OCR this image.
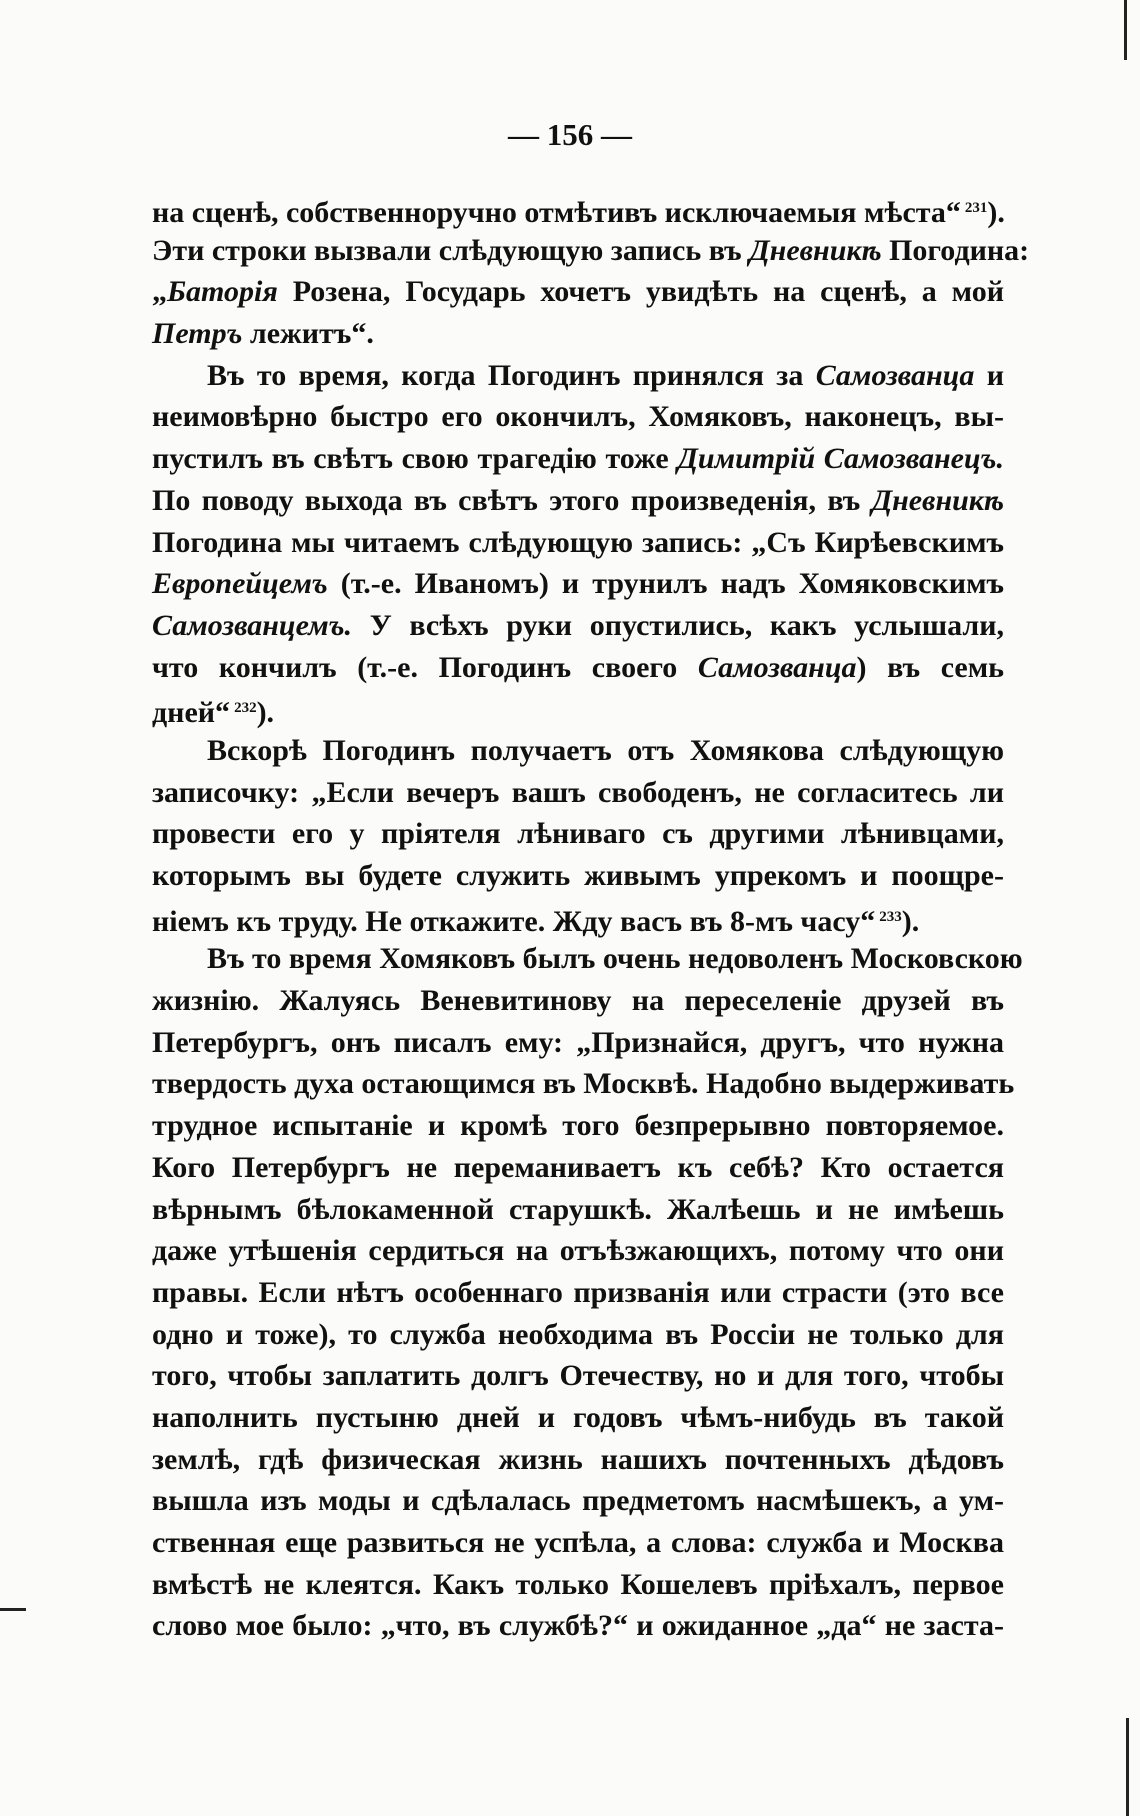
— 156 —
на сценѣ, собственноручно отмѣтивъ исключаемыя мѣста“ $^{231}$).
Эти строки вызвали слѣдующую запись въ Дневникѣ Погодина:
„Баторія Розена, Государь хочетъ увидѣть на сценѣ, а мой
Петръ лежитъ“.
Въ то время, когда Погодинъ принялся за Самозванца и
неимовѣрно быстро его окончилъ, Хомяковъ, наконецъ, вы-
пустилъ въ свѣтъ свою трагедію тоже Димитрій Самозванецъ.
По поводу выхода въ свѣтъ этого произведенія, въ Дневникѣ
Погодина мы читаемъ слѣдующую запись: „Съ Кирѣевскимъ
Европейцемъ (т.-е. Иваномъ) и трунилъ надъ Хомяковскимъ
Самозванцемъ. У всѣхъ руки опустились, какъ услышали,
что кончилъ (т.-е. Погодинъ своего Самозванца) въ семь
дней“ $^{232}$).
Вскорѣ Погодинъ получаетъ отъ Хомякова слѣдующую
записочку: „Если вечеръ вашъ свободенъ, не согласитесь ли
провести его у пріятеля лѣниваго съ другими лѣнивцами,
которымъ вы будете служить живымъ упрекомъ и поощре-
ніемъ къ труду. Не откажите. Жду васъ въ 8-мъ часу“ $^{233}$).
Въ то время Хомяковъ былъ очень недоволенъ Московскою
жизнію. Жалуясь Веневитинову на переселеніе друзей въ
Петербургъ, онъ писалъ ему: „Признайся, другъ, что нужна
твердость духа остающимся въ Москвѣ. Надобно выдерживать
трудное испытаніе и кромѣ того безпрерывно повторяемое.
Кого Петербургъ не переманиваетъ къ себѣ? Кто остается
вѣрнымъ бѣлокаменной старушкѣ. Жалѣешь и не имѣешь
даже утѣшенія сердиться на отъѣзжающихъ, потому что они
правы. Если нѣтъ особеннаго призванія или страсти (это все
одно и тоже), то служба необходима въ Россіи не только для
того, чтобы заплатить долгъ Отечеству, но и для того, чтобы
наполнить пустыню дней и годовъ чѣмъ-нибудь въ такой
землѣ, гдѣ физическая жизнь нашихъ почтенныхъ дѣдовъ
вышла изъ моды и сдѣлалась предметомъ насмѣшекъ, а ум-
ственная еще развиться не успѣла, а слова: служба и Москва
вмѣстѣ не клеятся. Какъ только Кошелевъ пріѣхалъ, первое
слово мое было: „что, въ службѣ?“ и ожиданное „да“ не заста-
